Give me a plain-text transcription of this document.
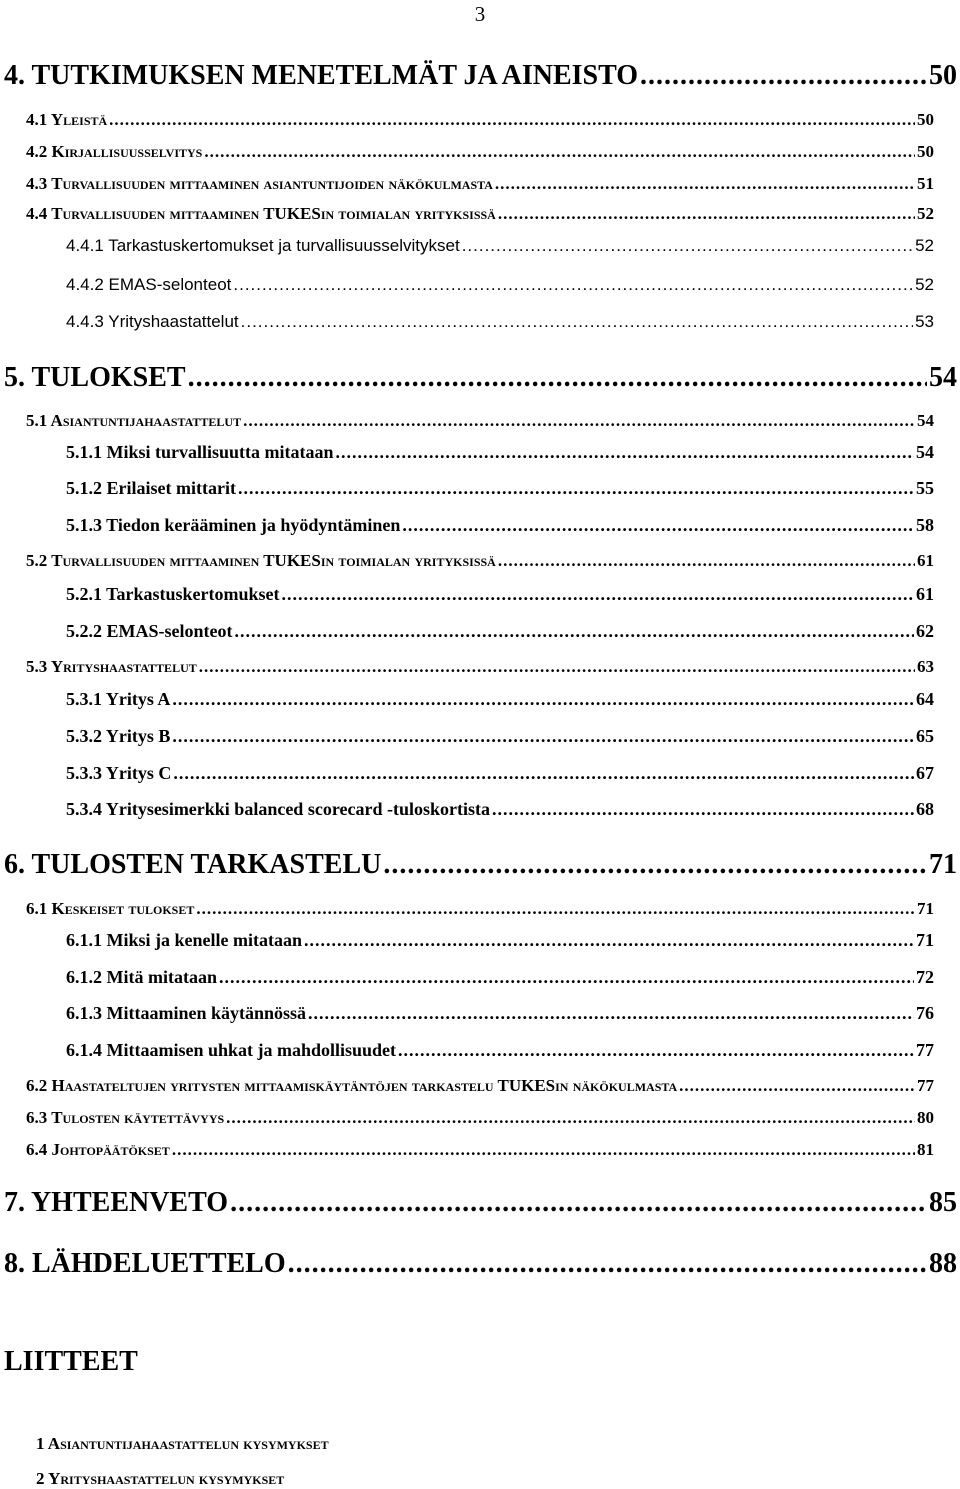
3
4. TUTKIMUKSEN MENETELMÄT JA AINEISTO .....	50
4.1 Yleistä .....	50
4.2 Kirjallisuusselvitys .....	50
4.3 Turvallisuuden mittaaminen asiantuntijoiden näkökulmasta .....	51
4.4 Turvallisuuden mittaaminen TUKESin toimialan yrityksissä .....	52
4.4.1 Tarkastuskertomukset ja turvallisuusselvitykset .....	52
4.4.2 EMAS-selonteot .....	52
4.4.3 Yrityshaastattelut .....	53
5. TULOKSET .....	54
5.1 Asiantuntijahaastattelut .....	54
5.1.1 Miksi turvallisuutta mitataan .....	54
5.1.2 Erilaiset mittarit .....	55
5.1.3 Tiedon kerääminen ja hyödyntäminen .....	58
5.2 Turvallisuuden mittaaminen TUKESin toimialan yrityksissä .....	61
5.2.1 Tarkastuskertomukset .....	61
5.2.2 EMAS-selonteot .....	62
5.3 Yrityshaastattelut .....	63
5.3.1 Yritys A .....	64
5.3.2 Yritys B .....	65
5.3.3 Yritys C .....	67
5.3.4 Yritysesimerkki balanced scorecard -tuloskortista .....	68
6. TULOSTEN TARKASTELU .....	71
6.1 Keskeiset tulokset .....	71
6.1.1 Miksi ja kenelle mitataan .....	71
6.1.2 Mitä mitataan .....	72
6.1.3 Mittaaminen käytännössä .....	76
6.1.4 Mittaamisen uhkat ja mahdollisuudet .....	77
6.2 Haastateltujen yritysten mittaamiskäytäntöjen tarkastelu TUKESin näkökulmasta .....	77
6.3 Tulosten käytettävyys .....	80
6.4 Johtopäätökset .....	81
7. YHTEENVETO .....	85
8. LÄHDELUETTELO .....	88
LIITTEET
1 Asiantuntijahaastattelun kysymykset
2 Yrityshaastattelun kysymykset
